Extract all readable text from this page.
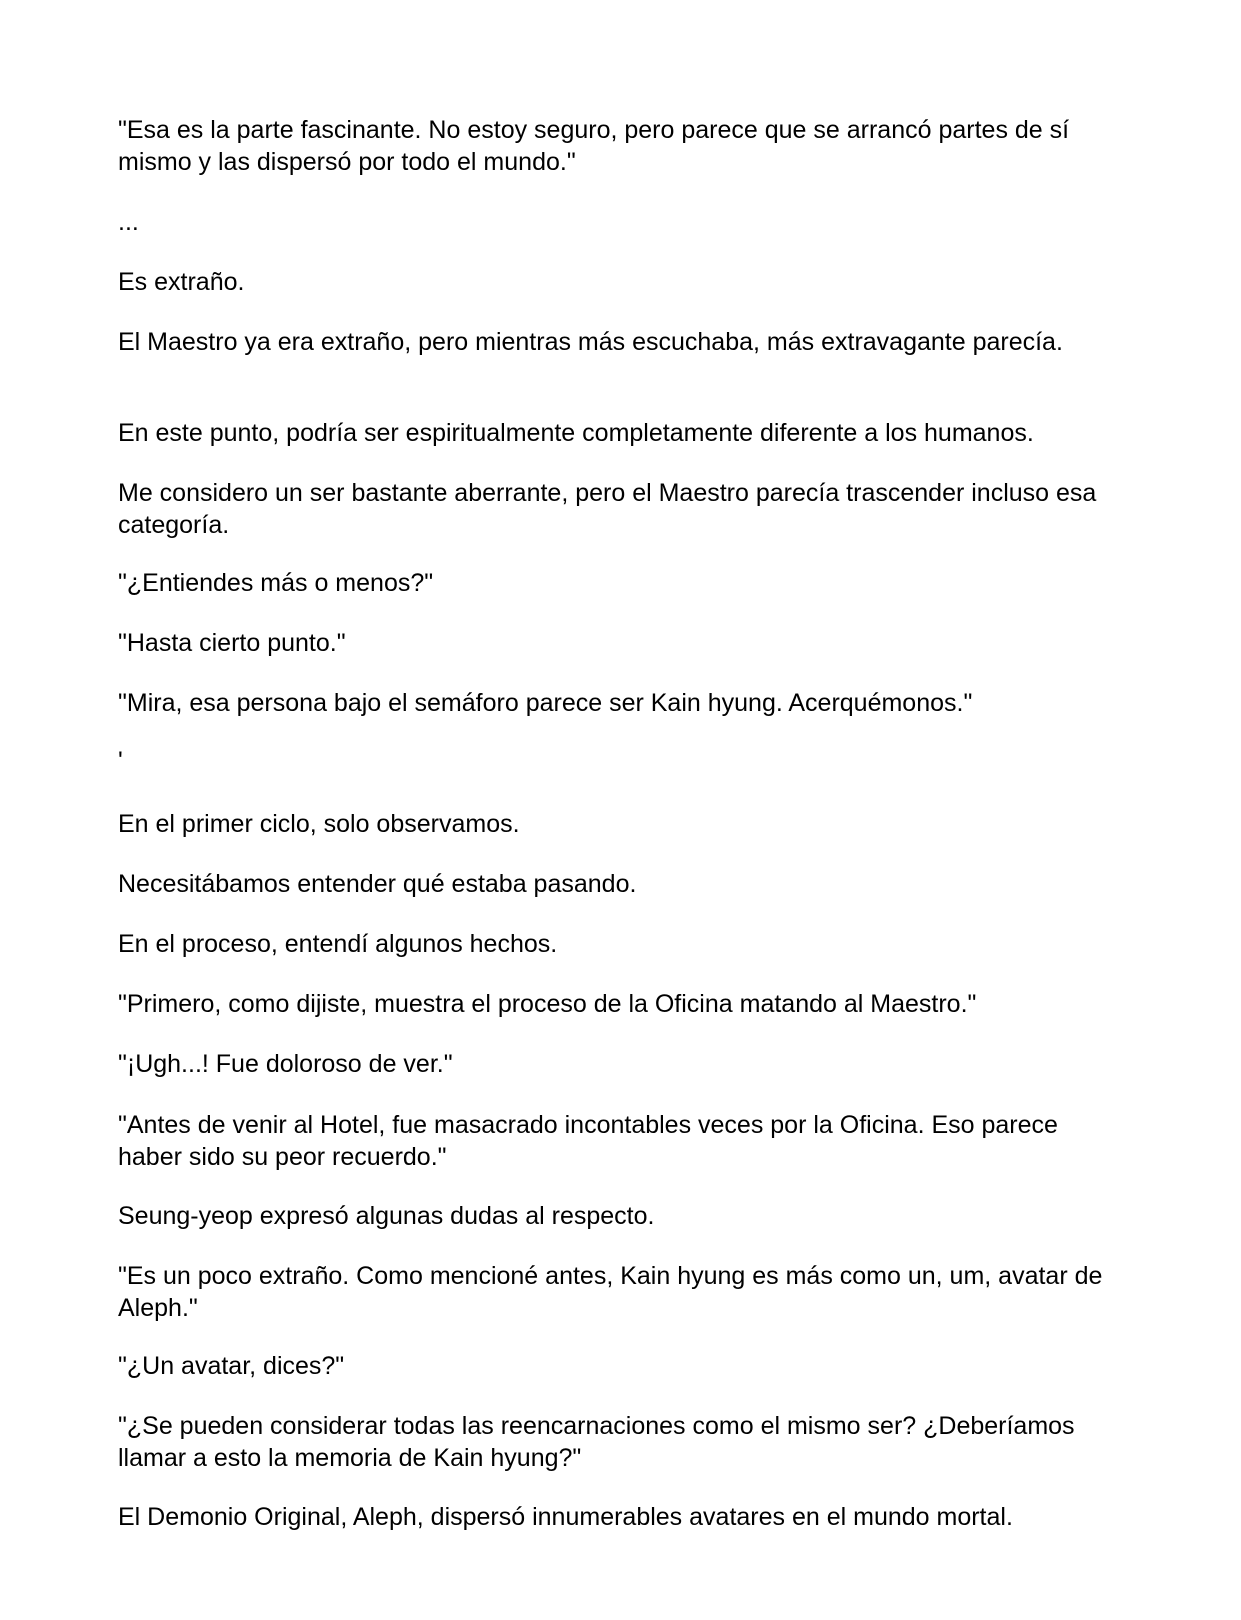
"Esa es la parte fascinante. No estoy seguro, pero parece que se arrancó partes de sí mismo y las dispersó por todo el mundo."

...

Es extraño.

El Maestro ya era extraño, pero mientras más escuchaba, más extravagante parecía.

En este punto, podría ser espiritualmente completamente diferente a los humanos.

Me considero un ser bastante aberrante, pero el Maestro parecía trascender incluso esa categoría.

"¿Entiendes más o menos?"

"Hasta cierto punto."

"Mira, esa persona bajo el semáforo parece ser Kain hyung. Acerquémonos."

'

En el primer ciclo, solo observamos.

Necesitábamos entender qué estaba pasando.

En el proceso, entendí algunos hechos.

"Primero, como dijiste, muestra el proceso de la Oficina matando al Maestro."

"¡Ugh...! Fue doloroso de ver."

"Antes de venir al Hotel, fue masacrado incontables veces por la Oficina. Eso parece haber sido su peor recuerdo."

Seung-yeop expresó algunas dudas al respecto.

"Es un poco extraño. Como mencioné antes, Kain hyung es más como un, um, avatar de Aleph."

"¿Un avatar, dices?"

"¿Se pueden considerar todas las reencarnaciones como el mismo ser? ¿Deberíamos llamar a esto la memoria de Kain hyung?"

El Demonio Original, Aleph, dispersó innumerables avatares en el mundo mortal.
